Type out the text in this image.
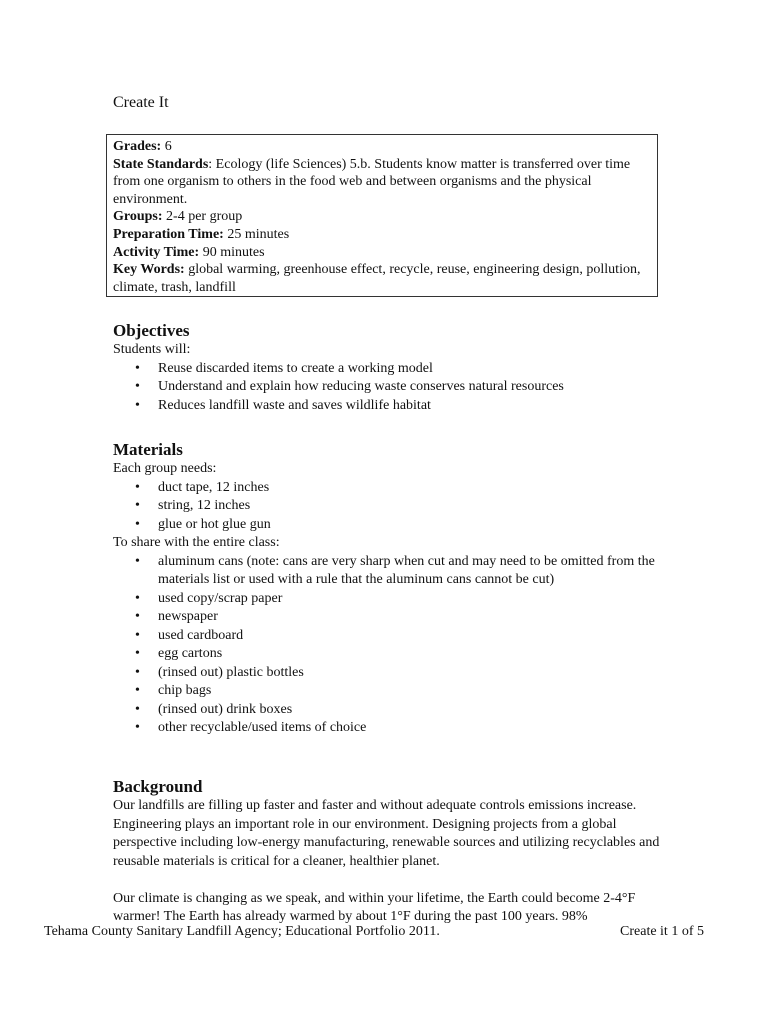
Create It
Grades: 6
State Standards: Ecology (life Sciences) 5.b. Students know matter is transferred over time from one organism to others in the food web and between organisms and the physical environment.
Groups: 2-4 per group
Preparation Time: 25 minutes
Activity Time: 90 minutes
Key Words: global warming, greenhouse effect, recycle, reuse, engineering design, pollution, climate, trash, landfill
Objectives

Students will:

• Reuse discarded items to create a working model
• Understand and explain how reducing waste conserves natural resources
• Reduces landfill waste and saves wildlife habitat
Materials

Each group needs:

• duct tape, 12 inches
• string, 12 inches
• glue or hot glue gun

To share with the entire class:

• aluminum cans (note: cans are very sharp when cut and may need to be omitted from the materials list or used with a rule that the aluminum cans cannot be cut)
• used copy/scrap paper
• newspaper
• used cardboard
• egg cartons
• (rinsed out) plastic bottles
• chip bags
• (rinsed out) drink boxes
• other recyclable/used items of choice
Background

Our landfills are filling up faster and faster and without adequate controls emissions increase. Engineering plays an important role in our environment. Designing projects from a global perspective including low-energy manufacturing, renewable sources and utilizing recyclables and reusable materials is critical for a cleaner, healthier planet.

Our climate is changing as we speak, and within your lifetime, the Earth could become 2-4°F warmer! The Earth has already warmed by about 1°F during the past 100 years. 98%

Tehama County Sanitary Landfill Agency; Educational Portfolio 2011.	Create it 1 of 5
